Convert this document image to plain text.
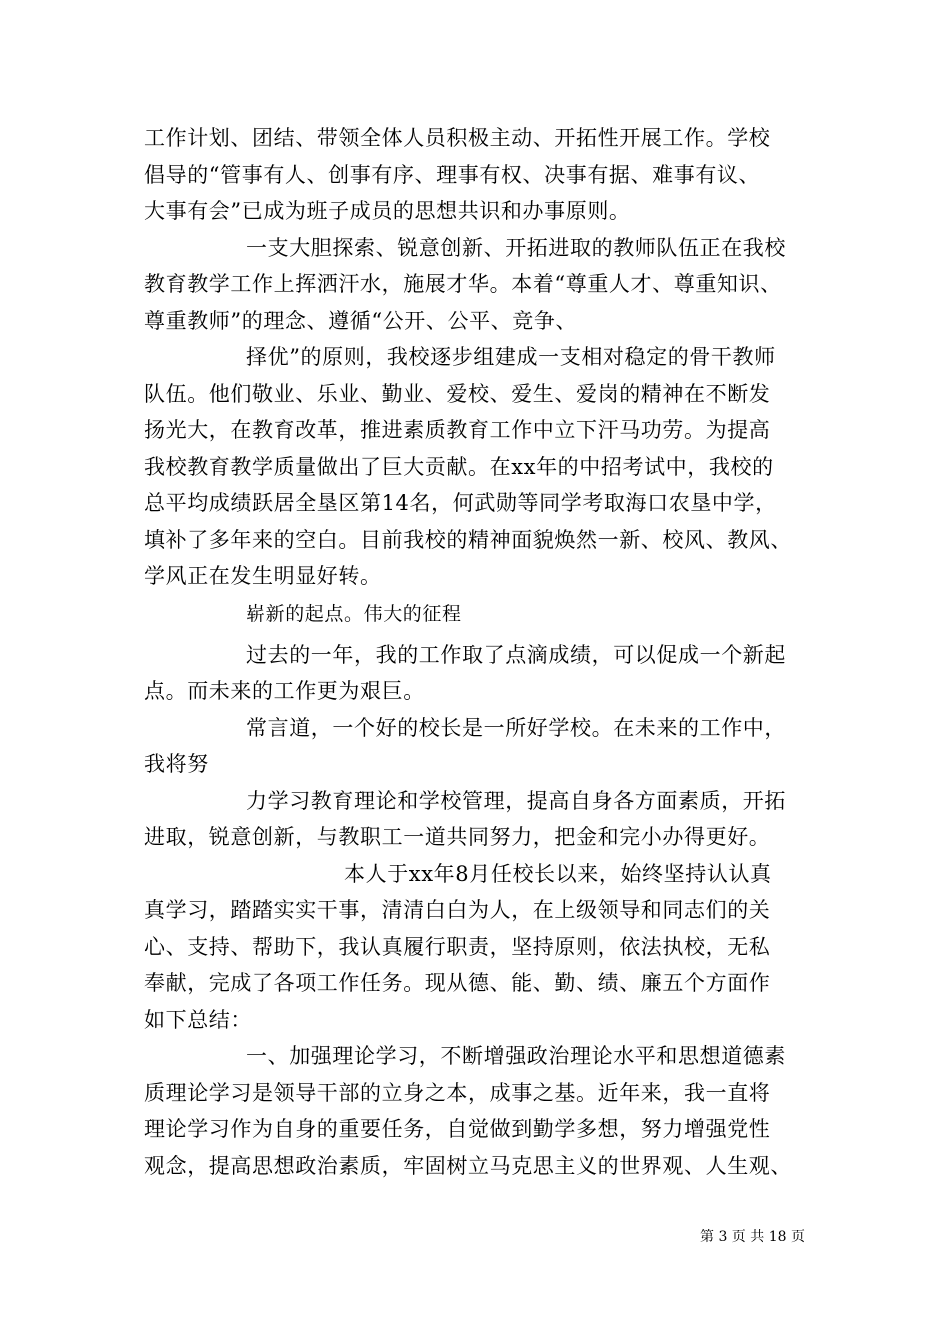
工作计划、团结、带领全体人员积极主动、开拓性开展工作。学校
倡导的“管事有人、创事有序、理事有权、决事有据、难事有议、
大事有会”已成为班子成员的思想共识和办事原则。
一支大胆探索、锐意创新、开拓进取的教师队伍正在我校
教育教学工作上挥洒汗水，施展才华。本着“尊重人才、尊重知识、
尊重教师”的理念、遵循“公开、公平、竞争、
择优”的原则，我校逐步组建成一支相对稳定的骨干教师
队伍。他们敬业、乐业、勤业、爱校、爱生、爱岗的精神在不断发
扬光大，在教育改革，推进素质教育工作中立下汗马功劳。为提高
我校教育教学质量做出了巨大贡献。在xx年的中招考试中，我校的
总平均成绩跃居全垦区第14名，何武勋等同学考取海口农垦中学，
填补了多年来的空白。目前我校的精神面貌焕然一新、校风、教风、
学风正在发生明显好转。
崭新的起点。伟大的征程
过去的一年，我的工作取了点滴成绩，可以促成一个新起
点。而未来的工作更为艰巨。
常言道，一个好的校长是一所好学校。在未来的工作中，
我将努
力学习教育理论和学校管理，提高自身各方面素质，开拓
进取，锐意创新，与教职工一道共同努力，把金和完小办得更好。
本人于xx年8月任校长以来，始终坚持认认真
真学习，踏踏实实干事，清清白白为人，在上级领导和同志们的关
心、支持、帮助下，我认真履行职责，坚持原则，依法执校，无私
奉献，完成了各项工作任务。现从德、能、勤、绩、廉五个方面作
如下总结：
一、加强理论学习，不断增强政治理论水平和思想道德素
质理论学习是领导干部的立身之本，成事之基。近年来，我一直将
理论学习作为自身的重要任务，自觉做到勤学多想，努力增强党性
观念，提高思想政治素质，牢固树立马克思主义的世界观、人生观、
第 3 页 共 18 页
